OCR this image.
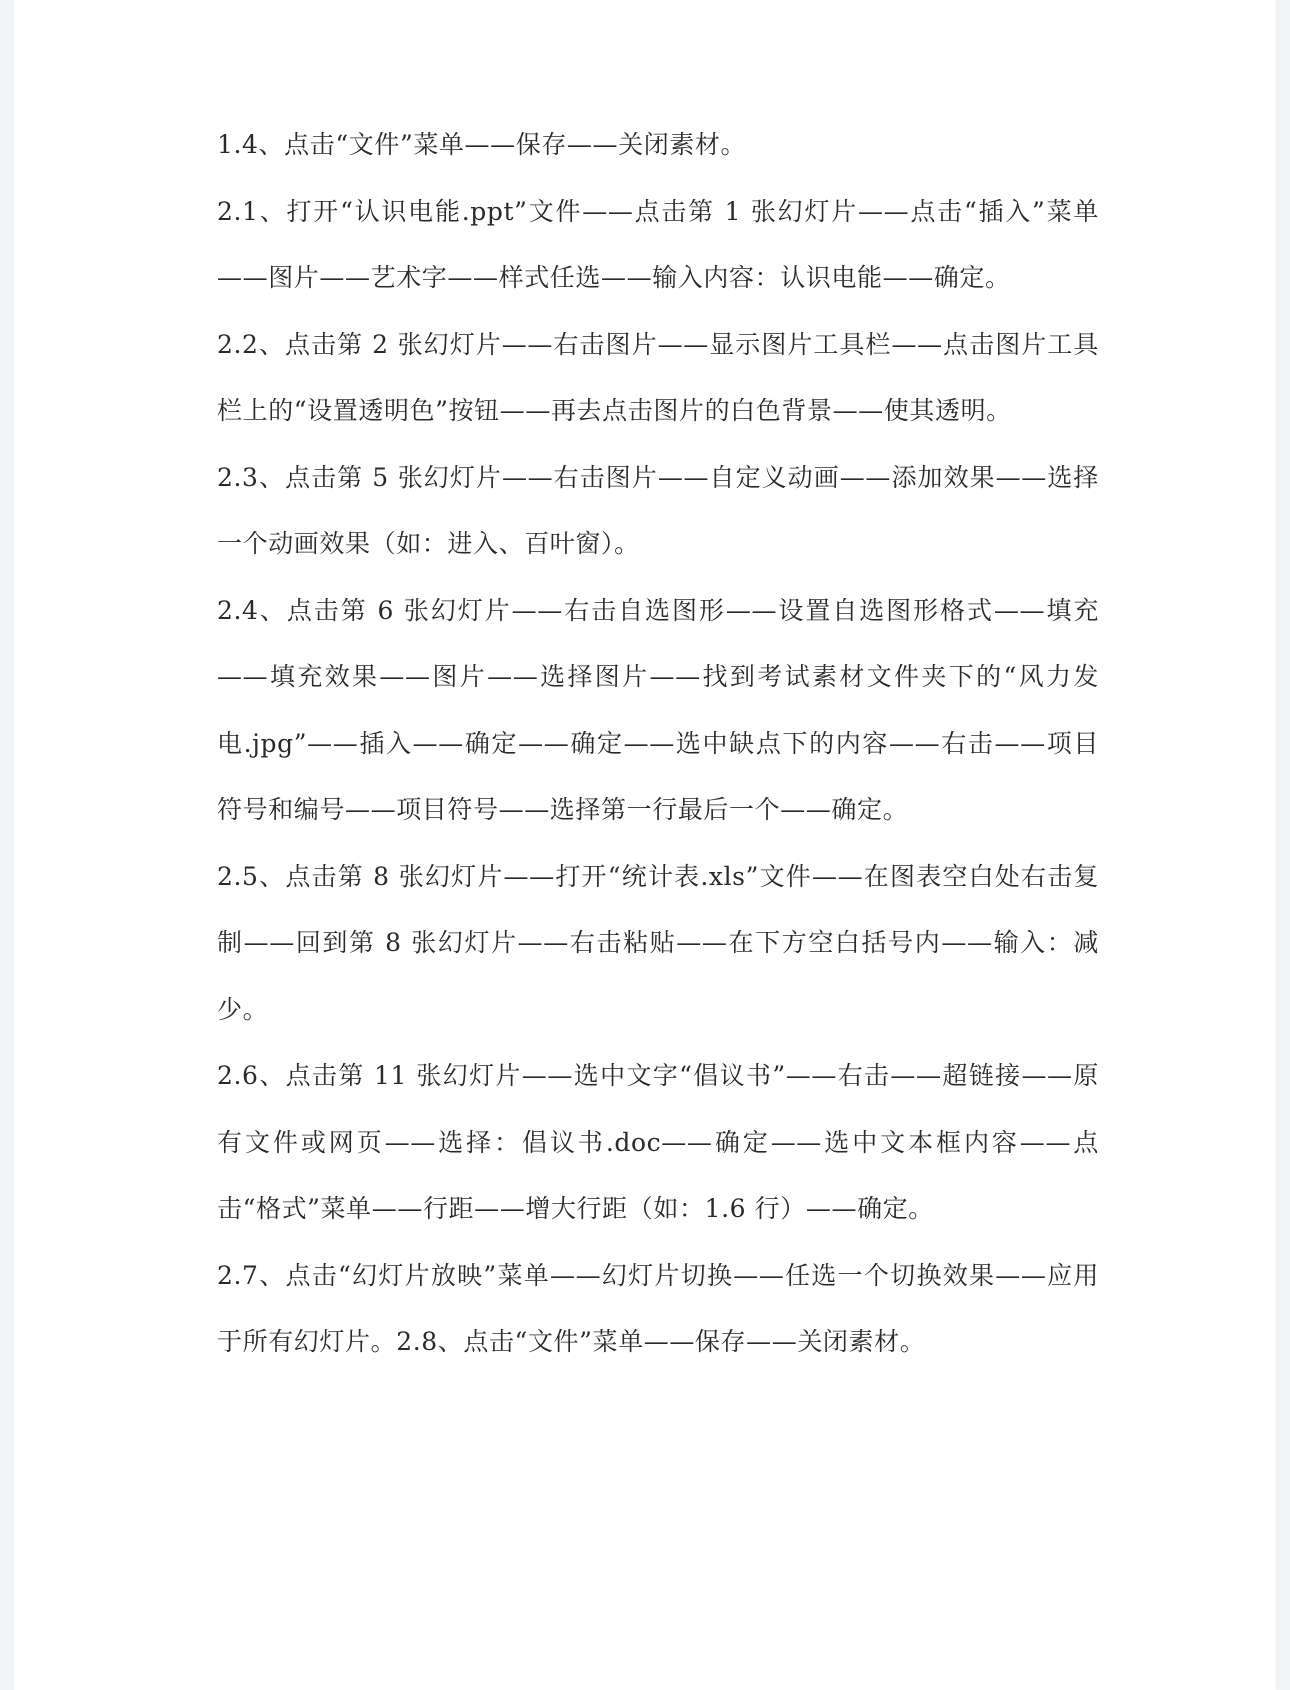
1.4、点击“文件”菜单——保存——关闭素材。

2.1、打开“认识电能.ppt”文件——点击第 1 张幻灯片——点击“插入”菜单——图片——艺术字——样式任选——输入内容：认识电能——确定。

2.2、点击第 2 张幻灯片——右击图片——显示图片工具栏——点击图片工具栏上的“设置透明色”按钮——再去点击图片的白色背景——使其透明。

2.3、点击第 5 张幻灯片——右击图片——自定义动画——添加效果——选择一个动画效果（如：进入、百叶窗）。

2.4、点击第 6 张幻灯片——右击自选图形——设置自选图形格式——填充——填充效果——图片——选择图片——找到考试素材文件夹下的“风力发电.jpg”——插入——确定——确定——选中缺点下的内容——右击——项目符号和编号——项目符号——选择第一行最后一个——确定。

2.5、点击第 8 张幻灯片——打开“统计表.xls”文件——在图表空白处右击复制——回到第 8 张幻灯片——右击粘贴——在下方空白括号内——输入：减少。

2.6、点击第 11 张幻灯片——选中文字“倡议书”——右击——超链接——原有文件或网页——选择：倡议书.doc——确定——选中文本框内容——点击“格式”菜单——行距——增大行距（如：1.6 行）——确定。

2.7、点击“幻灯片放映”菜单——幻灯片切换——任选一个切换效果——应用于所有幻灯片。2.8、点击“文件”菜单——保存——关闭素材。
